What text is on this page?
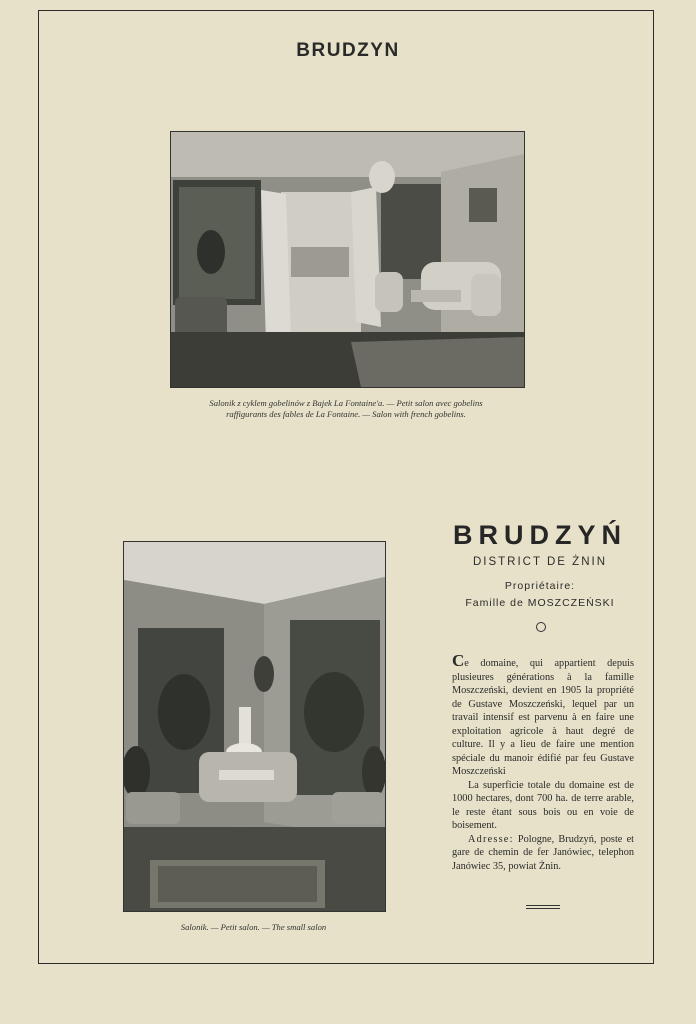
BRUDZYN
Salonik z cyklem gobelinów z Bajek La Fontaine'a. — Petit salon avec gobelins
raffigurants des fables de La Fontaine. — Salon with french gobelins.
Salonik. — Petit salon. — The small salon
BRUDZYŃ
DISTRICT DE ŻNIN
Propriétaire:
Famille de MOSZCZEŃSKI

Ce domaine, qui appartient depuis plusieures générations à la famille Moszczeński, devient en 1905 la propriété de Gustave Moszczeński, lequel par un travail intensif est parvenu à en faire une exploitation agricole à haut degré de culture. Il y a lieu de faire une mention spéciale du manoir édifié par feu Gustave Moszczeński

La superficie totale du domaine est de 1000 hectares, dont 700 ha. de terre arable, le reste étant sous bois ou en voie de boisement.

Adresse: Pologne, Brudzyń, poste et gare de chemin de fer Janówiec, telephon Janówiec 35, powiat Żnin.
